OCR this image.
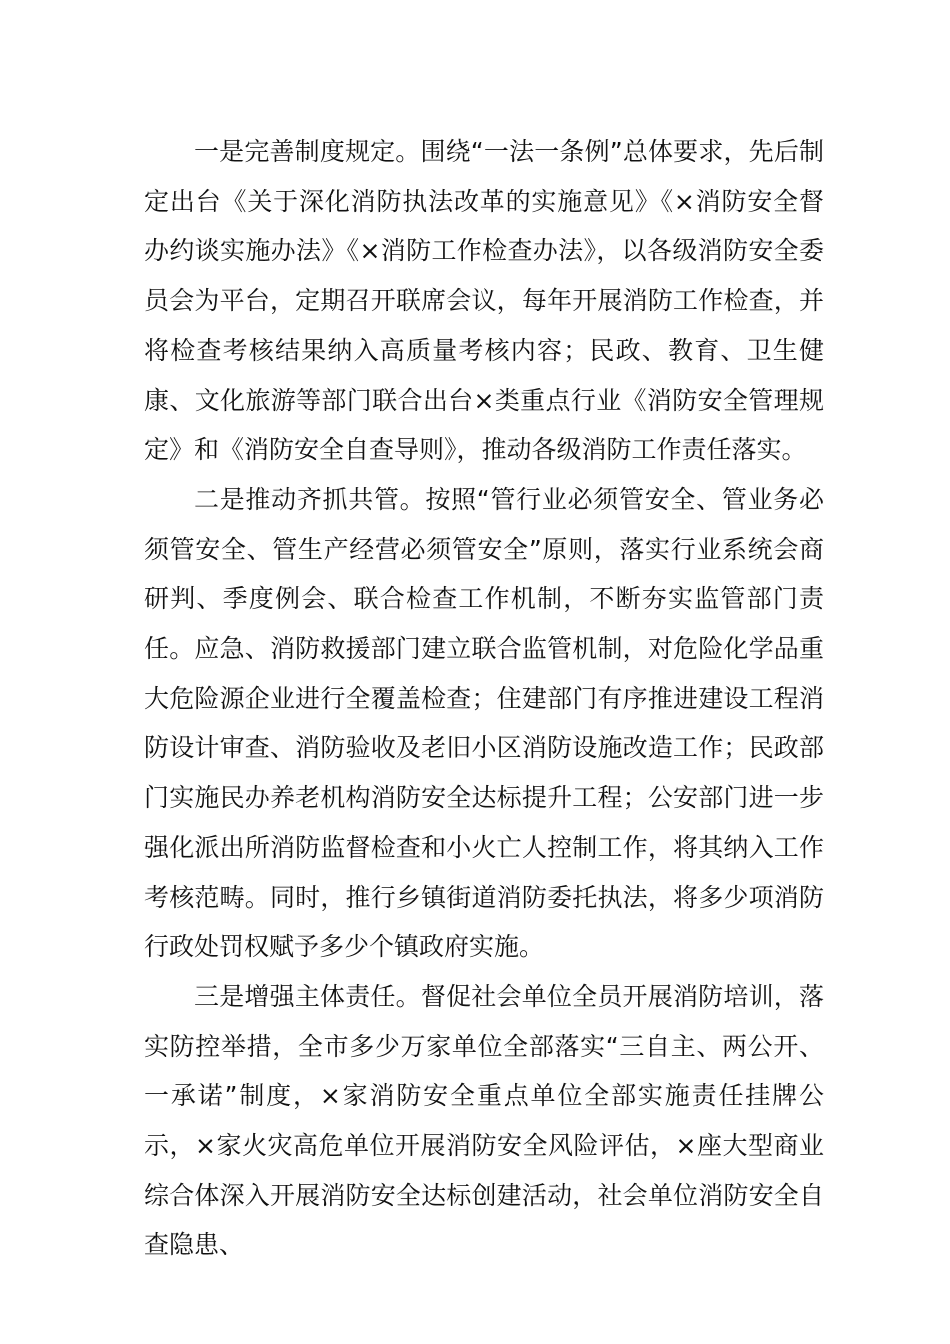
一是完善制度规定。围绕“一法一条例”总体要求，先后制定出台《关于深化消防执法改革的实施意见》《×消防安全督办约谈实施办法》《×消防工作检查办法》，以各级消防安全委员会为平台，定期召开联席会议，每年开展消防工作检查，并将检查考核结果纳入高质量考核内容；民政、教育、卫生健康、文化旅游等部门联合出台×类重点行业《消防安全管理规定》和《消防安全自查导则》，推动各级消防工作责任落实。

二是推动齐抓共管。按照“管行业必须管安全、管业务必须管安全、管生产经营必须管安全”原则，落实行业系统会商研判、季度例会、联合检查工作机制，不断夯实监管部门责任。应急、消防救援部门建立联合监管机制，对危险化学品重大危险源企业进行全覆盖检查；住建部门有序推进建设工程消防设计审查、消防验收及老旧小区消防设施改造工作；民政部门实施民办养老机构消防安全达标提升工程；公安部门进一步强化派出所消防监督检查和小火亡人控制工作，将其纳入工作考核范畴。同时，推行乡镇街道消防委托执法，将多少项消防行政处罚权赋予多少个镇政府实施。

三是增强主体责任。督促社会单位全员开展消防培训，落实防控举措，全市多少万家单位全部落实“三自主、两公开、一承诺”制度，×家消防安全重点单位全部实施责任挂牌公示，×家火灾高危单位开展消防安全风险评估，×座大型商业综合体深入开展消防安全达标创建活动，社会单位消防安全自查隐患、
